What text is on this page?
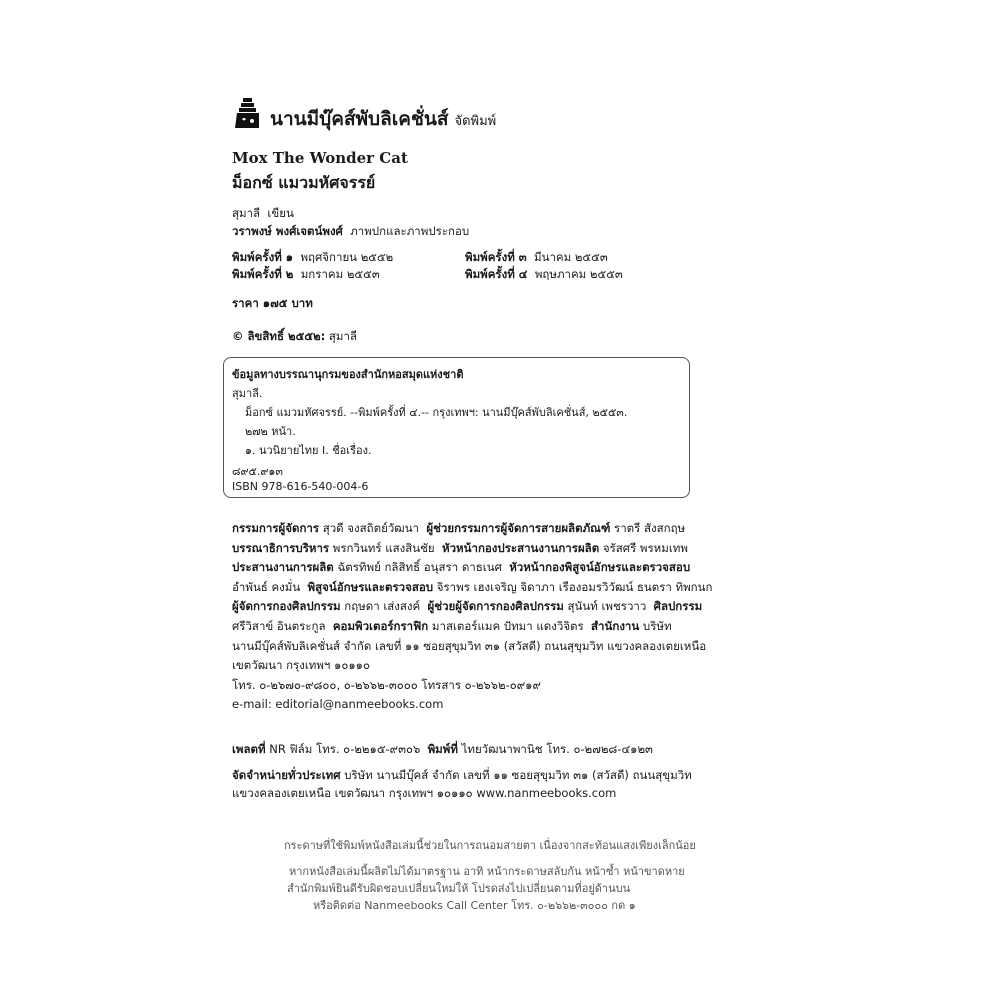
นานมีบุ๊คส์พับลิเคชั่นส์ จัดพิมพ์
Mox The Wonder Cat
ม็อกซ์ แมวมหัศจรรย์
สุมาลี เขียน
วราพงษ์ พงศ์เจตน์พงศ์ ภาพปกและภาพประกอบ
พิมพ์ครั้งที่ ๑ พฤศจิกายน ๒๕๕๒
พิมพ์ครั้งที่ ๒ มกราคม ๒๕๕๓
พิมพ์ครั้งที่ ๓ มีนาคม ๒๕๕๓
พิมพ์ครั้งที่ ๔ พฤษภาคม ๒๕๕๓
ราคา ๑๗๕ บาท
© ลิขสิทธิ์ ๒๕๕๒: สุมาลี
ข้อมูลทางบรรณานุกรมของสำนักหอสมุดแห่งชาติ
สุมาลี.
ม็อกซ์ แมวมหัศจรรย์. --พิมพ์ครั้งที่ ๔.-- กรุงเทพฯ: นานมีบุ๊คส์พับลิเคชั่นส์, ๒๕๕๓.
๒๗๒ หน้า.
๑. นวนิยายไทย I. ชื่อเรื่อง.
๘๙๕.๙๑๓
ISBN 978-616-540-004-6

กรรมการผู้จัดการ สุวดี จงสถิตย์วัฒนา ผู้ช่วยกรรมการผู้จัดการสายผลิตภัณฑ์ ราตรี สังสกฤษ

บรรณาธิการบริหาร พรกวินทร์ แสงสินชัย หัวหน้ากองประสานงานการผลิต จรัสศรี พรหมเทพ

ประสานงานการผลิต ฉัตรทิพย์ กลิสิทธิ์ อนุสรา ดาธเนศ หัวหน้ากองพิสูจน์อักษรและตรวจสอบ

อำพันธ์ คงมั่น พิสูจน์อักษรและตรวจสอบ จิราพร เฮงเจริญ จิดาภา เรืองอมรวิวัฒน์ ธนตรา ทิพกนก

ผู้จัดการกองศิลปกรรม กฤษดา เส่งสงค์ ผู้ช่วยผู้จัดการกองศิลปกรรม สุนันท์ เพชรวาว ศิลปกรรม

ศรีวิสาข์ อินตระกูล คอมพิวเตอร์กราฟิก มาสเตอร์แมค ปัทมา แดงวิจิตร สำนักงาน บริษัท

นานมีบุ๊คส์พับลิเคชั่นส์ จำกัด เลขที่ ๑๑ ซอยสุขุมวิท ๓๑ (สวัสดี) ถนนสุขุมวิท แขวงคลองเตยเหนือ

เขตวัฒนา กรุงเทพฯ ๑๐๑๑๐

โทร. ๐-๒๖๗๐-๙๘๐๐, ๐-๒๖๖๒-๓๐๐๐ โทรสาร ๐-๒๖๖๒-๐๙๑๙

e-mail: editorial@nanmeebooks.com

เพลตที่ NR ฟิล์ม โทร. ๐-๒๒๑๕-๙๓๐๖ พิมพ์ที่ ไทยวัฒนาพานิช โทร. ๐-๒๗๒๘-๔๑๒๓
จัดจำหน่ายทั่วประเทศ บริษัท นานมีบุ๊คส์ จำกัด เลขที่ ๑๑ ซอยสุขุมวิท ๓๑ (สวัสดี) ถนนสุขุมวิท
แขวงคลองเตยเหนือ เขตวัฒนา กรุงเทพฯ ๑๐๑๑๐ www.nanmeebooks.com
กระดาษที่ใช้พิมพ์หนังสือเล่มนี้ช่วยในการถนอมสายตา เนื่องจากสะท้อนแสงเพียงเล็กน้อย
หากหนังสือเล่มนี้ผลิตไม่ได้มาตรฐาน อาทิ หน้ากระดาษสลับกัน หน้าซ้ำ หน้าขาดหาย
สำนักพิมพ์ยินดีรับผิดชอบเปลี่ยนใหม่ให้ โปรดส่งไปเปลี่ยนตามที่อยู่ด้านบน
หรือติดต่อ Nanmeebooks Call Center โทร. ๐-๒๖๖๒-๓๐๐๐ กด ๑
